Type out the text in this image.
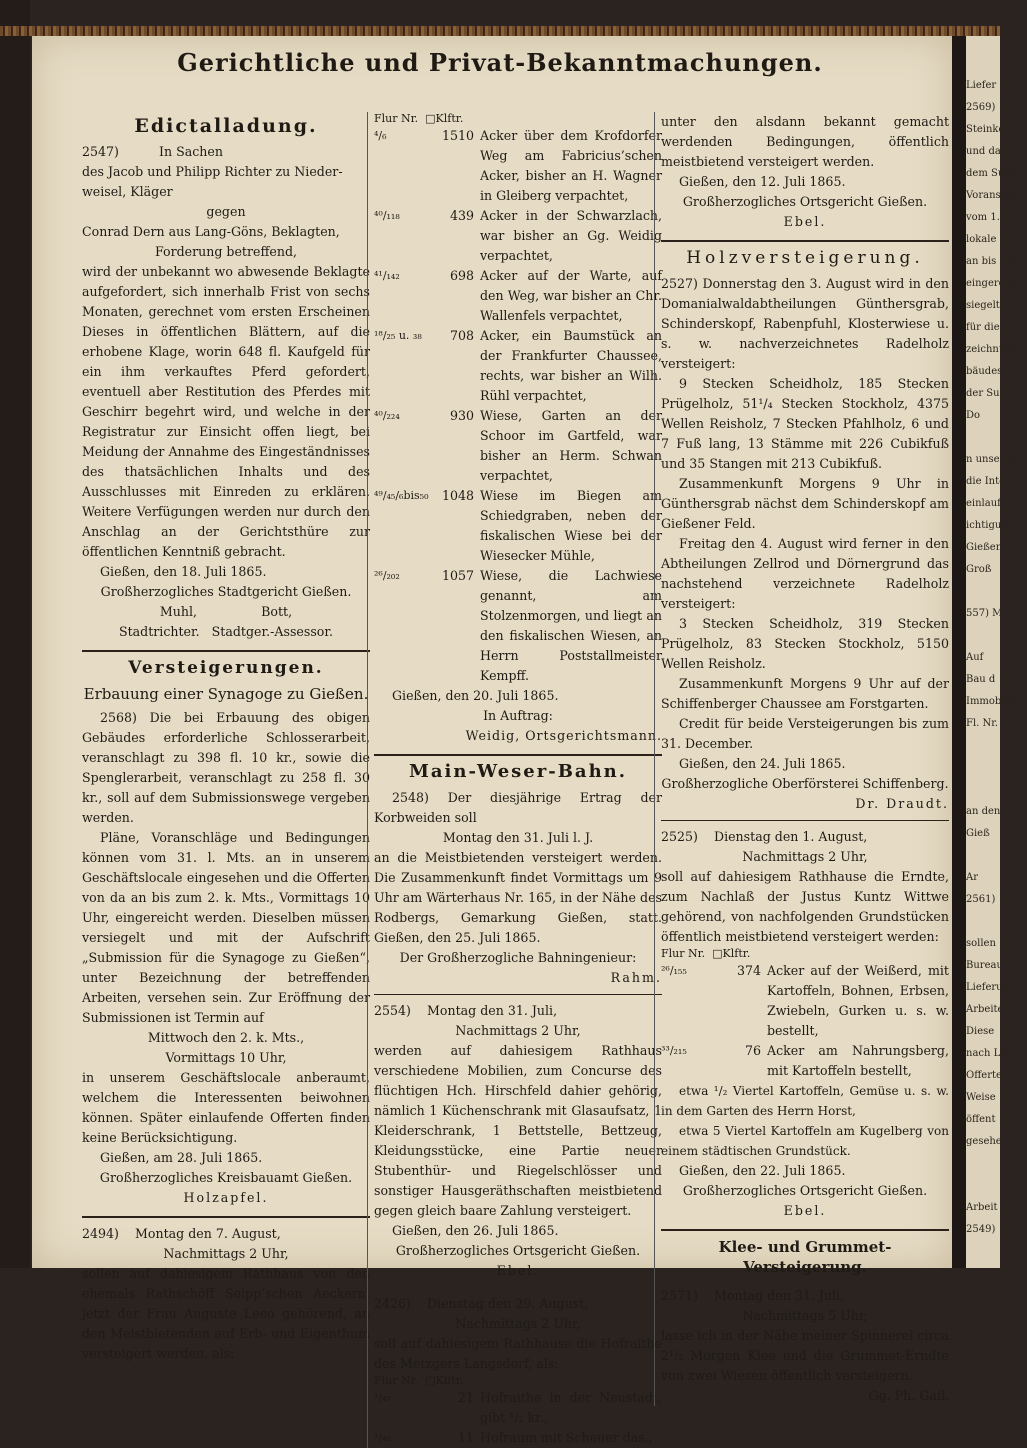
Liefer
2569)
Steinkohle
und das N
dem Subm
Voranschl
vom 1. k.
lokale einge
an bis zum
eingereicht
siegelt und
für die Lie
zeichnung
bäudes,
der Subm
Do
n unserem
die Interes
einlaufende
ichtigung.
Gießen,
Groß
557) M
Auf
Bau d
Immobilie
Fl. Nr.
an den
Gieß
Ar
2561)
sollen
Bureau
Lieferun
Arbeiten
Diese
nach Lag
Offerte
Weise
öffent
gesehe
Arbeit
2549)
Gerichtliche und Privat-Bekanntmachungen.
Edictalladung.

2547)          In Sachen

des Jacob und Philipp Richter zu Nieder-

weisel, Kläger

gegen

Conrad Dern aus Lang-Göns, Beklagten,

Forderung betreffend,

wird der unbekannt wo abwesende Beklagte aufgefordert, sich innerhalb Frist von sechs Monaten, gerechnet vom ersten Erscheinen Dieses in öffentlichen Blättern, auf die erhobene Klage, worin 648 fl. Kaufgeld für ein ihm verkauftes Pferd gefordert, eventuell aber Restitution des Pferdes mit Geschirr begehrt wird, und welche in der Registratur zur Einsicht offen liegt, bei Meidung der Annahme des Eingeständnisses des thatsächlichen Inhalts und des Ausschlusses mit Einreden zu erklären. Weitere Verfügungen werden nur durch den Anschlag an der Gerichtsthüre zur öffentlichen Kenntniß gebracht.

Gießen, den 18. Juli 1865.

Großherzogliches Stadtgericht Gießen.

Muhl,                Bott,

Stadtrichter.   Stadtger.-Assessor.

Versteigerungen.
Erbauung einer Synagoge zu Gießen.

2568) Die bei Erbauung des obigen Gebäudes erforderliche Schlosserarbeit, veranschlagt zu 398 fl. 10 kr., sowie die Spenglerarbeit, veranschlagt zu 258 fl. 30 kr., soll auf dem Submissionswege vergeben werden.

Pläne, Voranschläge und Bedingungen können vom 31. l. Mts. an in unserem Geschäftslocale eingesehen und die Offerten von da an bis zum 2. k. Mts., Vormittags 10 Uhr, eingereicht werden. Dieselben müssen versiegelt und mit der Aufschrift „Submission für die Synagoge zu Gießen“, unter Bezeichnung der betreffenden Arbeiten, versehen sein. Zur Eröffnung der Submissionen ist Termin auf

Mittwoch den 2. k. Mts.,

Vormittags 10 Uhr,

in unserem Geschäftslocale anberaumt, welchem die Interessenten beiwohnen können. Später einlaufende Offerten finden keine Berücksichtigung.

Gießen, am 28. Juli 1865.

Großherzogliches Kreisbauamt Gießen.

Holzapfel.

2494)    Montag den 7. August,

Nachmittags 2 Uhr,

sollen auf dahiesigem Rathhaus von den ehemals Rathschöff Seipp’schen Aeckern, jetzt der Frau Auguste Leeo gehörend, an den Meistbietenden auf Erb- und Eigenthum versteigert werden, als:

Flur Nr.  □Klftr.

⁴/₆	1510 Acker über dem Krofdorfer Weg am Fabricius’schen Acker, bisher an H. Wagner in Gleiberg verpachtet,
⁴⁰/₁₁₈	439 Acker in der Schwarzlach, war bisher an Gg. Weidig verpachtet,
⁴¹/₁₄₂	698 Acker auf der Warte, auf den Weg, war bisher an Chr. Wallenfels verpachtet,
¹⁸/₂₅ u. ₃₈	708 Acker, ein Baumstück an der Frankfurter Chaussee, rechts, war bisher an Wilh. Rühl verpachtet,
⁴⁰/₂₂₄	930 Wiese, Garten an der Schoor im Gartfeld, war bisher an Herm. Schwan verpachtet,
⁴⁹/₄₅/₆bis₅₀	1048 Wiese im Biegen am Schiedgraben, neben der fiskalischen Wiese bei der Wiesecker Mühle,
²⁶/₂₀₂	1057 Wiese, die Lachwiese genannt, am Stolzenmorgen, und liegt an den fiskalischen Wiesen, an Herrn Poststallmeister Kempff.

Gießen, den 20. Juli 1865.

In Auftrag:

Weidig, Ortsgerichtsmann.

Main-Weser-Bahn.

2548) Der diesjährige Ertrag der Korbweiden soll

Montag den 31. Juli l. J.

an die Meistbietenden versteigert werden. Die Zusammenkunft findet Vormittags um 9 Uhr am Wärterhaus Nr. 165, in der Nähe des Rodbergs, Gemarkung Gießen, statt. Gießen, den 25. Juli 1865.

Der Großherzogliche Bahningenieur:

Rahm.

2554)    Montag den 31. Juli,

Nachmittags 2 Uhr,

werden auf dahiesigem Rathhaus verschiedene Mobilien, zum Concurse des flüchtigen Hch. Hirschfeld dahier gehörig, nämlich 1 Küchenschrank mit Glasaufsatz, 1 Kleiderschrank, 1 Bettstelle, Bettzeug, Kleidungsstücke, eine Partie neuer Stubenthür- und Riegelschlösser und sonstiger Hausgeräthschaften meistbietend gegen gleich baare Zahlung versteigert.

Gießen, den 26. Juli 1865.

Großherzogliches Ortsgericht Gießen.

Ebel.

2426)    Dienstag den 29. August,

Nachmittags 2 Uhr,

soll auf dahiesigem Rathhause die Hofraithe des Metzgers Langsdorf, als:

Flur Nr.  □Klftr.

¹/₄₇	21 Hofraithe in der Neustadt, gibt ¹/₂ kr.,
¹/₄₈	11 Hofraum mit Scheuer das.,

unter den alsdann bekannt gemacht werdenden Bedingungen, öffentlich meistbietend versteigert werden.

Gießen, den 12. Juli 1865.

Großherzogliches Ortsgericht Gießen.

Ebel.

Holzversteigerung.

2527) Donnerstag den 3. August wird in den Domanialwaldabtheilungen Günthersgrab, Schinderskopf, Rabenpfuhl, Klosterwiese u. s. w. nachverzeichnetes Radelholz versteigert:

9 Stecken Scheidholz, 185 Stecken Prügelholz, 51¹/₄ Stecken Stockholz, 4375 Wellen Reisholz, 7 Stecken Pfahlholz, 6 und 7 Fuß lang, 13 Stämme mit 226 Cubikfuß und 35 Stangen mit 213 Cubikfuß.

Zusammenkunft Morgens 9 Uhr in Günthersgrab nächst dem Schinderskopf am Gießener Feld.

Freitag den 4. August wird ferner in den Abtheilungen Zellrod und Dörnergrund das nachstehend verzeichnete Radelholz versteigert:

3 Stecken Scheidholz, 319 Stecken Prügelholz, 83 Stecken Stockholz, 5150 Wellen Reisholz.

Zusammenkunft Morgens 9 Uhr auf der Schiffenberger Chaussee am Forstgarten.

Credit für beide Versteigerungen bis zum 31. December.

Gießen, den 24. Juli 1865.

Großherzogliche Oberförsterei Schiffenberg.

Dr. Draudt.

2525)    Dienstag den 1. August,

Nachmittags 2 Uhr,

soll auf dahiesigem Rathhause die Erndte, zum Nachlaß der Justus Kuntz Wittwe gehörend, von nachfolgenden Grundstücken öffentlich meistbietend versteigert werden:

Flur Nr.  □Klftr.

²⁶/₁₅₅	374 Acker auf der Weißerd, mit Kartoffeln, Bohnen, Erbsen, Zwiebeln, Gurken u. s. w. bestellt,
³³/₂₁₅	76 Acker am Nahrungsberg, mit Kartoffeln bestellt,

etwa ¹/₂ Viertel Kartoffeln, Gemüse u. s. w. in dem Garten des Herrn Horst,

etwa 5 Viertel Kartoffeln am Kugelberg von einem städtischen Grundstück.

Gießen, den 22. Juli 1865.

Großherzogliches Ortsgericht Gießen.

Ebel.

Klee- und Grummet-Versteigerung.

2571)    Montag den 31. Juli,

Nachmittags 5 Uhr,

lasse ich in der Nähe meiner Spinnerei circa 2¹/₂ Morgen Klee und die Grummet-Erndte von zwei Wiesen öffentlich versteigern.

Gg. Ph. Gail.
